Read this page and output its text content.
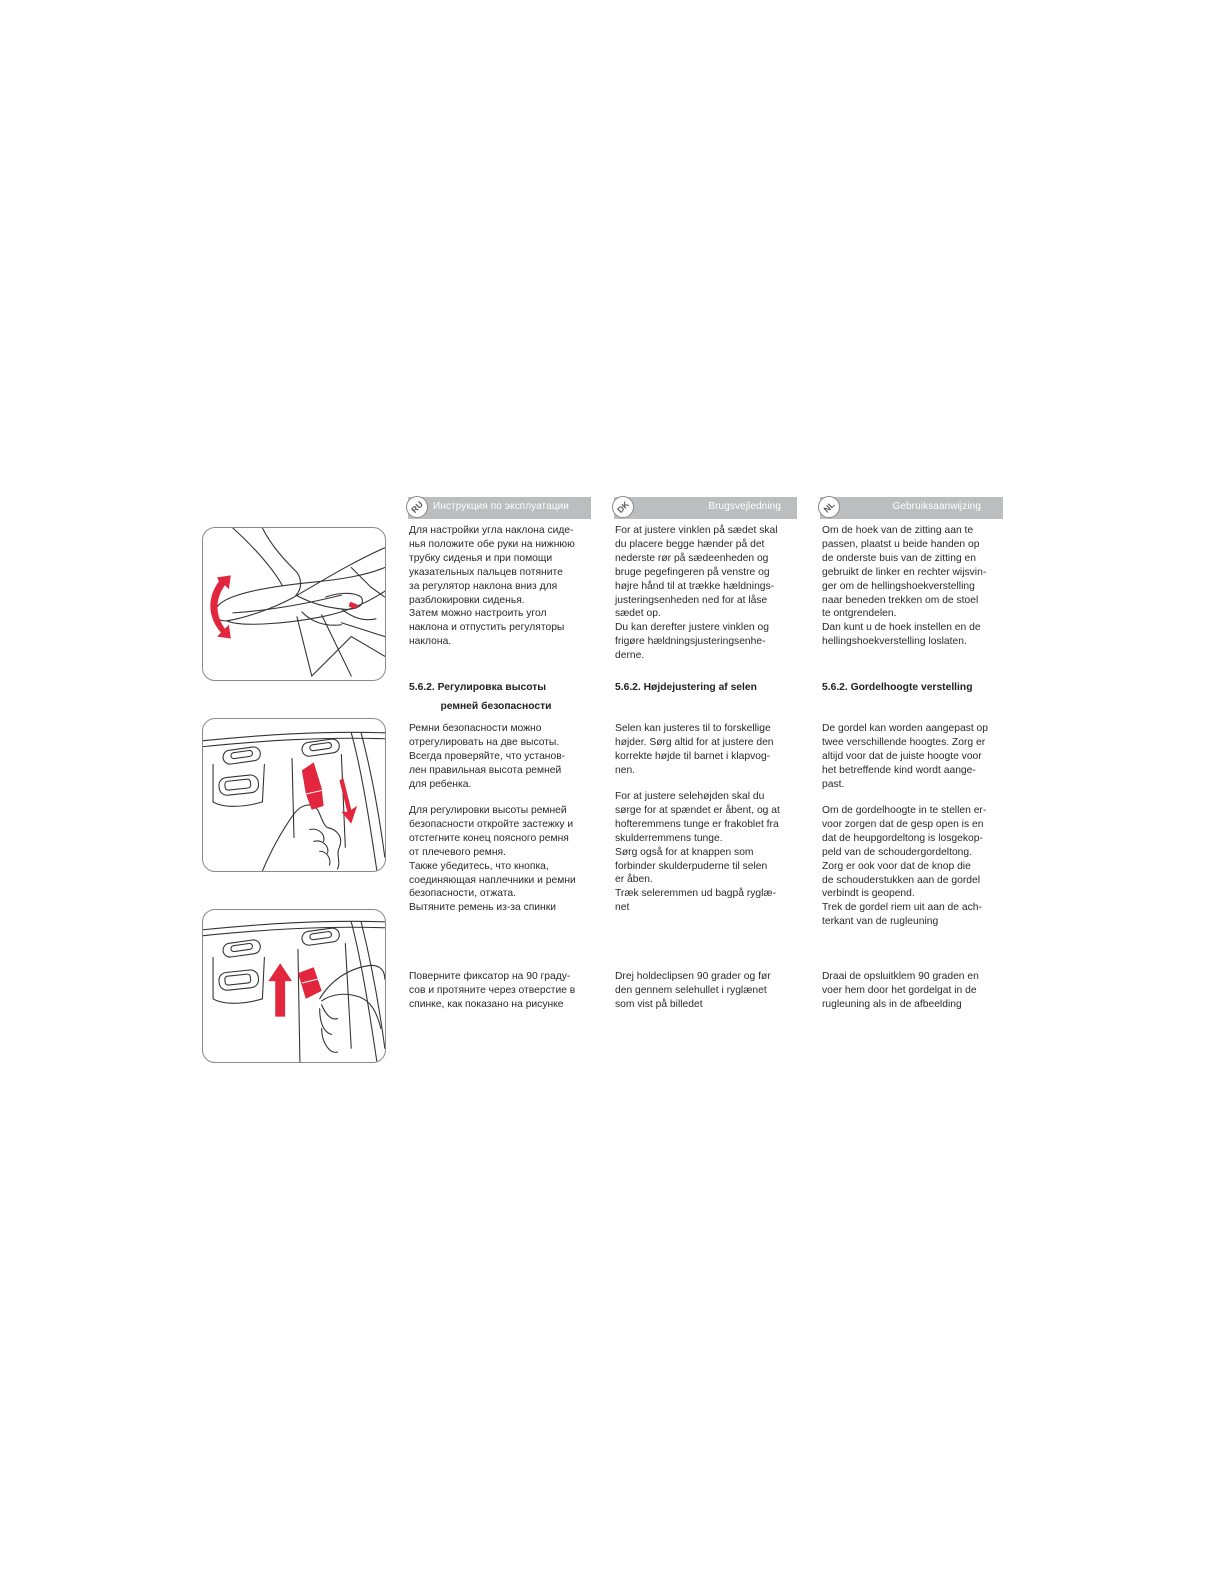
RU Инструкция по эксплуатации

Для настройки угла наклона сиде-
нья положите обе руки на нижнюю
трубку сиденья и при помощи
указательных пальцев потяните
за регулятор наклона вниз для
разблокировки сиденья.
Затем можно настроить угол
наклона и отпустить регуляторы
наклона.

5.6.2. Регулировка высоты
ремней безопасности

Ремни безопасности можно
отрегулировать на две высоты.
Всегда проверяйте, что установ-
лен правильная высота ремней
для ребенка.

Для регулировки высоты ремней
безопасности откройте застежку и
отстегните конец поясного ремня
от плечевого ремня.
Также убедитесь, что кнопка,
соединяющая наплечники и ремни
безопасности, отжата.
Вытяните ремень из-за спинки

Поверните фиксатор на 90 граду-
сов и протяните через отверстие в
спинке, как показано на рисунке

DK	Brugsvejledning

For at justere vinklen på sædet skal
du placere begge hænder på det
nederste rør på sædeenheden og
bruge pegefingeren på venstre og
højre hånd til at trække hældnings-
justeringsenheden ned for at låse
sædet op.
Du kan derefter justere vinklen og
frigøre hældningsjusteringsenhe-
derne.

5.6.2. Højdejustering af selen

Selen kan justeres til to forskellige
højder. Sørg altid for at justere den
korrekte højde til barnet i klapvog-
nen.

For at justere selehøjden skal du
sørge for at spændet er åbent, og at
hofteremmens tunge er frakoblet fra
skulderremmens tunge.
Sørg også for at knappen som
forbinder skulderpuderne til selen
er åben.
Træk seleremmen ud bagpå ryglæ-
net

Drej holdeclipsen 90 grader og før
den gennem selehullet i ryglænet
som vist på billedet

NL	Gebruiksaanwijzing

Om de hoek van de zitting aan te
passen, plaatst u beide handen op
de onderste buis van de zitting en
gebruikt de linker en rechter wijsvin-
ger om de hellingshoekverstelling
naar beneden trekken om de stoel
te ontgrendelen.
Dan kunt u de hoek instellen en de
hellingshoekverstelling loslaten.

5.6.2. Gordelhoogte verstelling

De gordel kan worden aangepast op
twee verschillende hoogtes. Zorg er
altijd voor dat de juiste hoogte voor
het betreffende kind wordt aange-
past.

Om de gordelhoogte in te stellen er-
voor zorgen dat de gesp open is en
dat de heupgordeltong is losgekop-
peld van de schoudergordeltong.
Zorg er ook voor dat de knop die
de schouderstukken aan de gordel
verbindt is geopend.
Trek de gordel riem uit aan de ach-
terkant van de rugleuning

Draai de opsluitklem 90 graden en
voer hem door het gordelgat in de
rugleuning als in de afbeelding
